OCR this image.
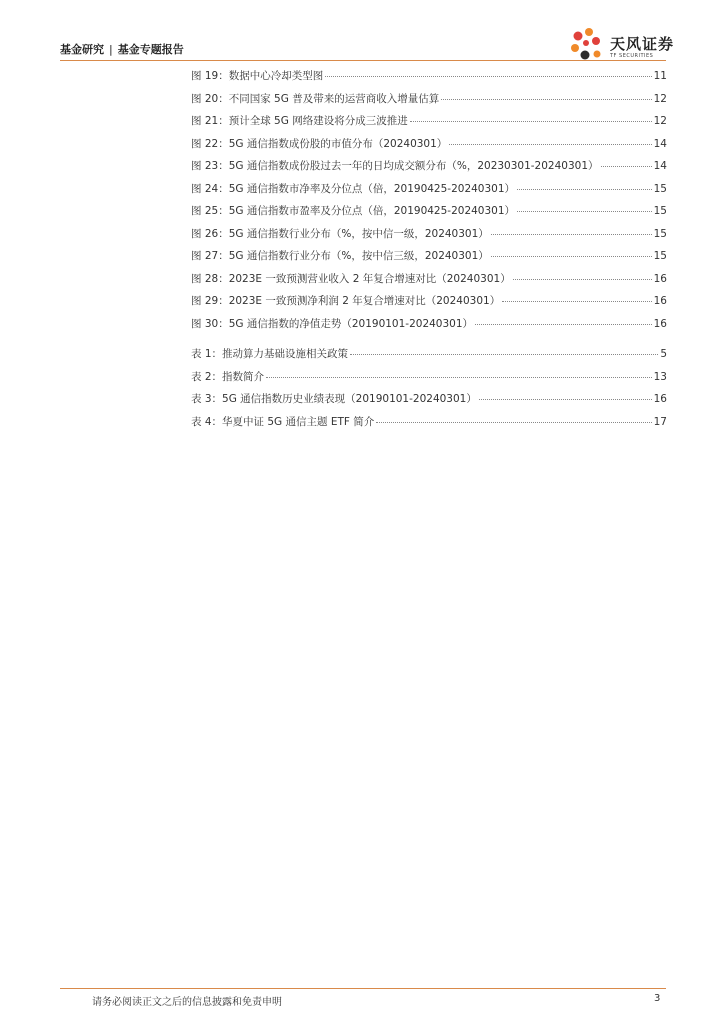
基金研究 | 基金专题报告	天风证券
TF SECURITIES
图 19：数据中心冷却类型图	11
图 20：不同国家 5G 普及带来的运营商收入增量估算	12
图 21：预计全球 5G 网络建设将分成三波推进	12
图 22：5G 通信指数成份股的市值分布（20240301）	14
图 23：5G 通信指数成份股过去一年的日均成交额分布（%，20230301-20240301）	14
图 24：5G 通信指数市净率及分位点（倍，20190425-20240301）	15
图 25：5G 通信指数市盈率及分位点（倍，20190425-20240301）	15
图 26：5G 通信指数行业分布（%，按中信一级，20240301）	15
图 27：5G 通信指数行业分布（%，按中信三级，20240301）	15
图 28：2023E 一致预测营业收入 2 年复合增速对比（20240301）	16
图 29：2023E 一致预测净利润 2 年复合增速对比（20240301）	16
图 30：5G 通信指数的净值走势（20190101-20240301）	16
表 1：推动算力基础设施相关政策	5
表 2：指数简介	13
表 3：5G 通信指数历史业绩表现（20190101-20240301）	16
表 4：华夏中证 5G 通信主题 ETF 简介	17
请务必阅读正文之后的信息披露和免责申明	3
